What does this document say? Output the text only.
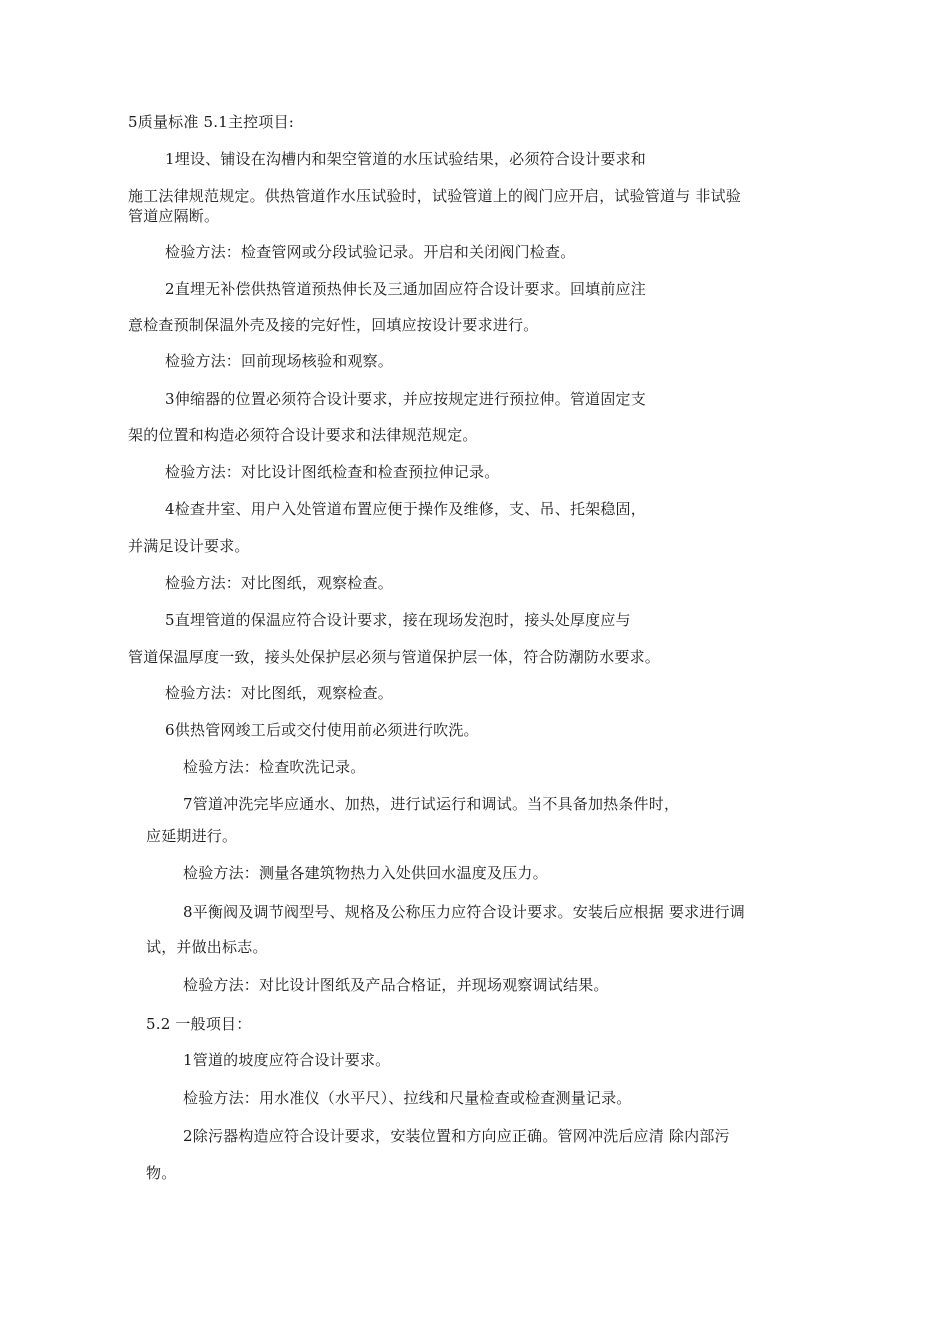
5质量标准 5.1主控项目:
1埋设、铺设在沟槽内和架空管道的水压试验结果，必须符合设计要求和
施工法律规范规定。供热管道作水压试验时，试验管道上的阀门应开启，试验管道与 非试验
管道应隔断。
检验方法：检查管网或分段试验记录。开启和关闭阀门检查。
2直埋无补偿供热管道预热伸长及三通加固应符合设计要求。回填前应注
意检查预制保温外壳及接的完好性，回填应按设计要求进行。
检验方法：回前现场核验和观察。
3伸缩器的位置必须符合设计要求，并应按规定进行预拉伸。管道固定支
架的位置和构造必须符合设计要求和法律规范规定。
检验方法：对比设计图纸检查和检查预拉伸记录。
4检查井室、用户入处管道布置应便于操作及维修，支、吊、托架稳固，
并满足设计要求。
检验方法：对比图纸，观察检查。
5直埋管道的保温应符合设计要求，接在现场发泡时，接头处厚度应与
管道保温厚度一致，接头处保护层必须与管道保护层一体，符合防潮防水要求。
检验方法：对比图纸，观察检查。
6供热管网竣工后或交付使用前必须进行吹洗。
检验方法：检查吹洗记录。
7管道冲洗完毕应通水、加热，进行试运行和调试。当不具备加热条件时，
应延期进行。
检验方法：测量各建筑物热力入处供回水温度及压力。
8平衡阀及调节阀型号、规格及公称压力应符合设计要求。安装后应根据 要求进行调
试，并做出标志。
检验方法：对比设计图纸及产品合格证，并现场观察调试结果。
5.2 一般项目：
1管道的坡度应符合设计要求。
检验方法：用水准仪（水平尺）、拉线和尺量检查或检查测量记录。
2除污器构造应符合设计要求，安装位置和方向应正确。管网冲洗后应清 除内部污
物。
